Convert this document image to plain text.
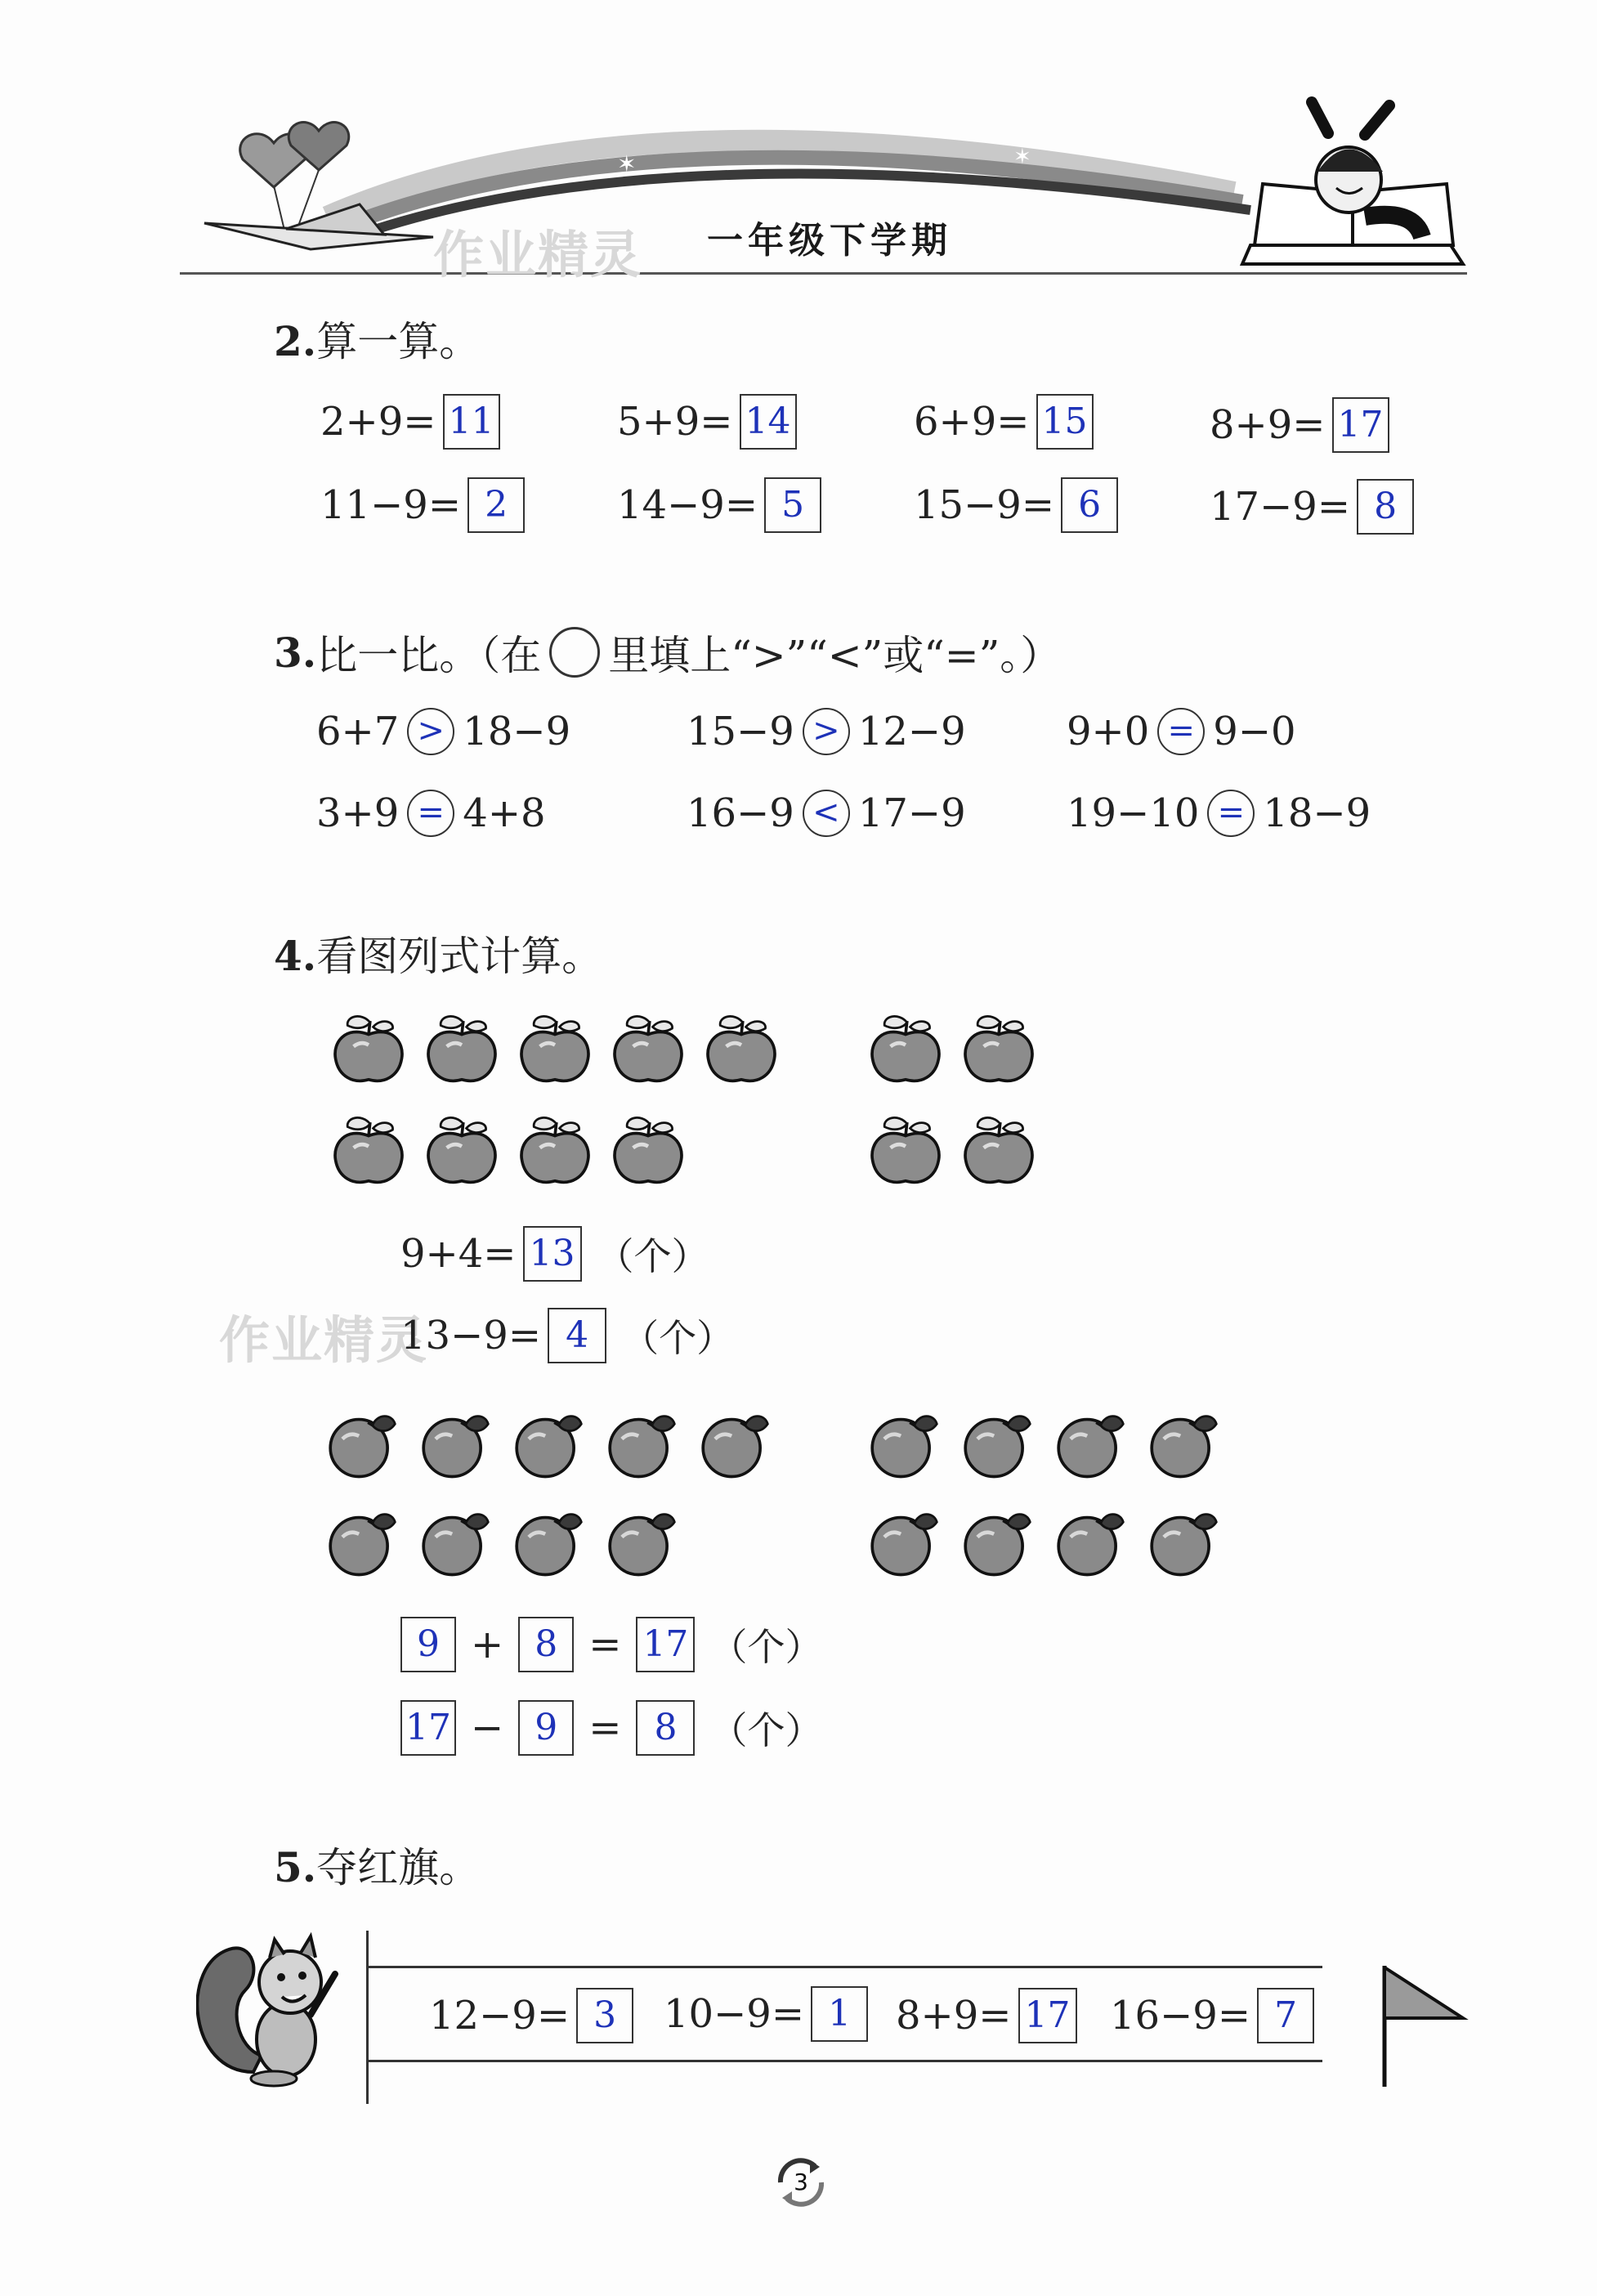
✶	✶
一年级下学期
作业精灵
2.算一算。
2+9= 11	5+9= 14	6+9= 15	8+9= 17
11−9= 2	14−9= 5	15−9= 6	17−9= 8
3. 比一比。（在 里填上“>”“<”或“=”。）
6+7 > 18−9	15−9 > 12−9	9+0 = 9−0
3+9 = 4+8	16−9 < 17−9	19−10 = 18−9
4.看图列式计算。
9+4= 13 （个）
作业精灵
13−9= 4 （个）
9 + 8 = 17 （个）
17 − 9 = 8 （个）
5.夺红旗。
12−9= 3	10−9= 1	8+9= 17 16−9= 7
3
